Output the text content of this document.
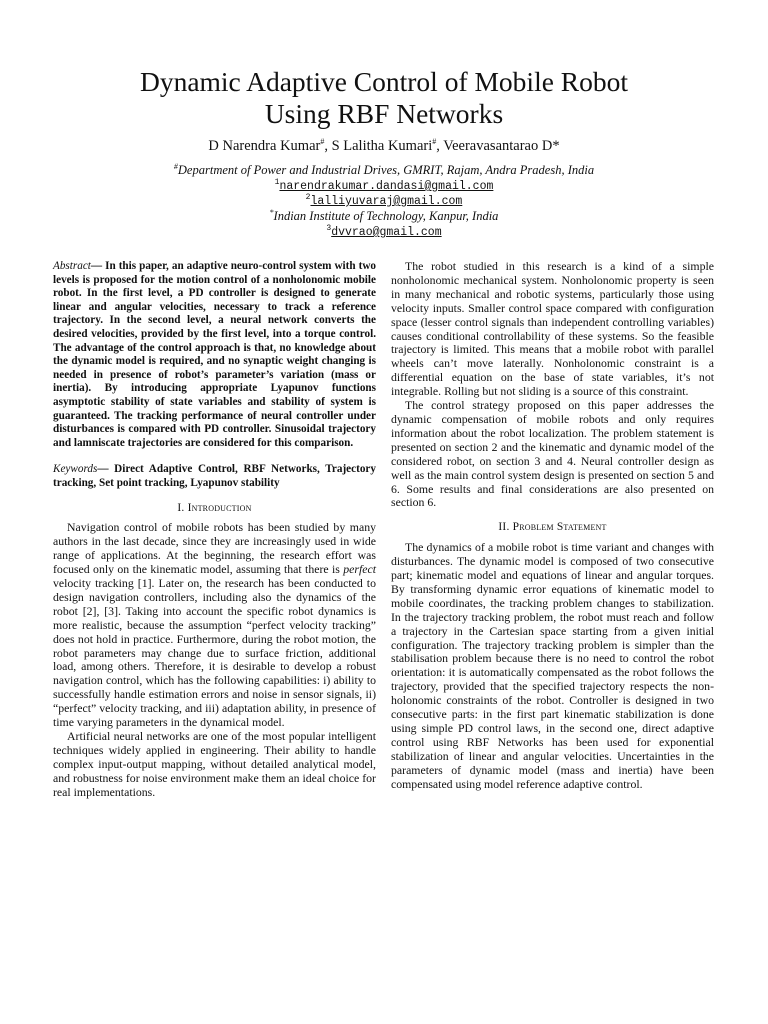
Dynamic Adaptive Control of Mobile Robot
Using RBF Networks
D Narendra Kumar#, S Lalitha Kumari#, Veeravasantarao D*
#Department of Power and Industrial Drives, GMRIT, Rajam, Andra Pradesh, India
$^1$narendrakumar.dandasi@gmail.com
$^2$lalliyuvaraj@gmail.com
*Indian Institute of Technology, Kanpur, India
$^3$dvvrao@gmail.com

Abstract— In this paper, an adaptive neuro-control system with two levels is proposed for the motion control of a nonholonomic mobile robot. In the first level, a PD controller is designed to generate linear and angular velocities, necessary to track a reference trajectory. In the second level, a neural network converts the desired velocities, provided by the first level, into a torque control. The advantage of the control approach is that, no knowledge about the dynamic model is required, and no synaptic weight changing is needed in presence of robot’s parameter’s variation (mass or inertia). By introducing appropriate Lyapunov functions asymptotic stability of state variables and stability of system is guaranteed. The tracking performance of neural controller under disturbances is compared with PD controller. Sinusoidal trajectory and lamniscate trajectories are considered for this comparison.

Keywords— Direct Adaptive Control, RBF Networks, Trajectory tracking, Set point tracking, Lyapunov stability

I. Introduction

Navigation control of mobile robots has been studied by many authors in the last decade, since they are increasingly used in wide range of applications. At the beginning, the research effort was focused only on the kinematic model, assuming that there is perfect velocity tracking [1]. Later on, the research has been conducted to design navigation controllers, including also the dynamics of the robot [2], [3]. Taking into account the specific robot dynamics is more realistic, because the assumption “perfect velocity tracking” does not hold in practice. Furthermore, during the robot motion, the robot parameters may change due to surface friction, additional load, among others. Therefore, it is desirable to develop a robust navigation control, which has the following capabilities: i) ability to successfully handle estimation errors and noise in sensor signals, ii) “perfect” velocity tracking, and iii) adaptation ability, in presence of time varying parameters in the dynamical model.

Artificial neural networks are one of the most popular intelligent techniques widely applied in engineering. Their ability to handle complex input-output mapping, without detailed analytical model, and robustness for noise environment make them an ideal choice for real implementations.

The robot studied in this research is a kind of a simple nonholonomic mechanical system. Nonholonomic property is seen in many mechanical and robotic systems, particularly those using velocity inputs. Smaller control space compared with configuration space (lesser control signals than independent controlling variables) causes conditional controllability of these systems. So the feasible trajectory is limited. This means that a mobile robot with parallel wheels can’t move laterally. Nonholonomic constraint is a differential equation on the base of state variables, it’s not integrable. Rolling but not sliding is a source of this constraint.

The control strategy proposed on this paper addresses the dynamic compensation of mobile robots and only requires information about the robot localization. The problem statement is presented on section 2 and the kinematic and dynamic model of the considered robot, on section 3 and 4. Neural controller design as well as the main control system design is presented on section 5 and 6. Some results and final considerations are also presented on section 6.

II. Problem Statement

The dynamics of a mobile robot is time variant and changes with disturbances. The dynamic model is composed of two consecutive part; kinematic model and equations of linear and angular torques. By transforming dynamic error equations of kinematic model to mobile coordinates, the tracking problem changes to stabilization. In the trajectory tracking problem, the robot must reach and follow a trajectory in the Cartesian space starting from a given initial configuration. The trajectory tracking problem is simpler than the stabilisation problem because there is no need to control the robot orientation: it is automatically compensated as the robot follows the trajectory, provided that the specified trajectory respects the non-holonomic constraints of the robot. Controller is designed in two consecutive parts: in the first part kinematic stabilization is done using simple PD control laws, in the second one, direct adaptive control using RBF Networks has been used for exponential stabilization of linear and angular velocities. Uncertainties in the parameters of dynamic model (mass and inertia) have been compensated using model reference adaptive control.
